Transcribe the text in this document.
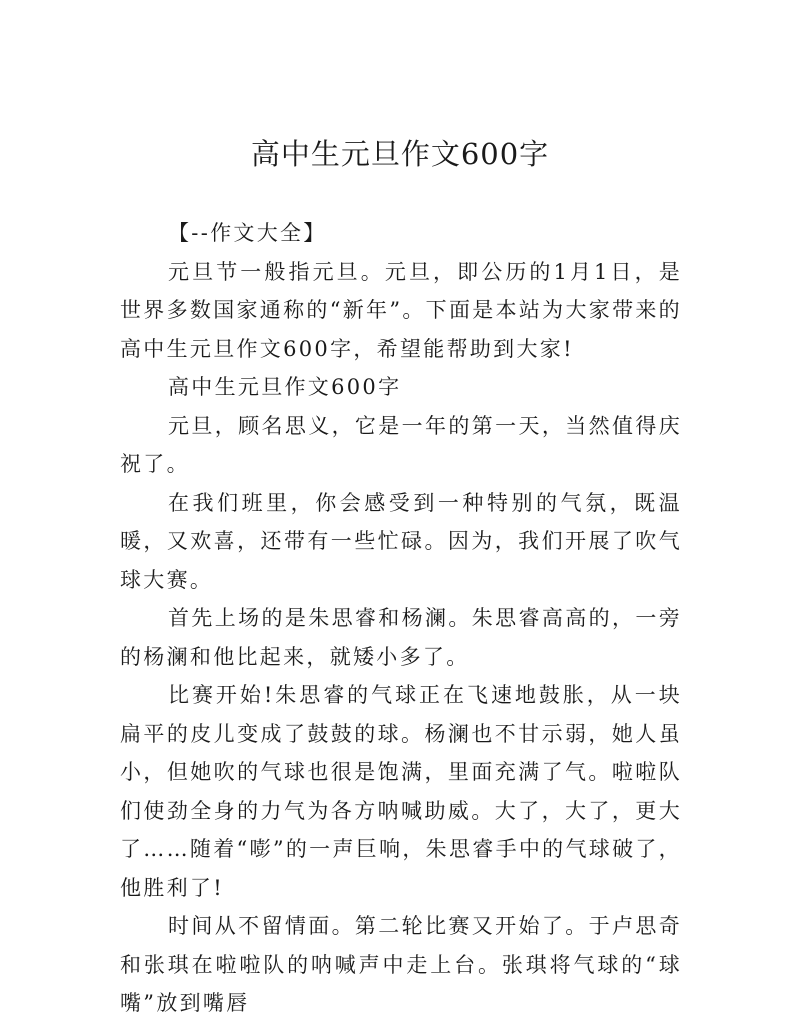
高中生元旦作文600字

【--作文大全】

元旦节一般指元旦。元旦，即公历的1月1日，是世界多数国家通称的“新年”。下面是本站为大家带来的高中生元旦作文600字，希望能帮助到大家!

高中生元旦作文600字

元旦，顾名思义，它是一年的第一天，当然值得庆祝了。

在我们班里，你会感受到一种特别的气氛，既温暖，又欢喜，还带有一些忙碌。因为，我们开展了吹气球大赛。

首先上场的是朱思睿和杨澜。朱思睿高高的，一旁的杨澜和他比起来，就矮小多了。

比赛开始!朱思睿的气球正在飞速地鼓胀，从一块扁平的皮儿变成了鼓鼓的球。杨澜也不甘示弱，她人虽小，但她吹的气球也很是饱满，里面充满了气。啦啦队们使劲全身的力气为各方呐喊助威。大了，大了，更大了……随着“嘭”的一声巨响，朱思睿手中的气球破了，他胜利了!

时间从不留情面。第二轮比赛又开始了。于卢思奇和张琪在啦啦队的呐喊声中走上台。张琪将气球的“球嘴”放到嘴唇
